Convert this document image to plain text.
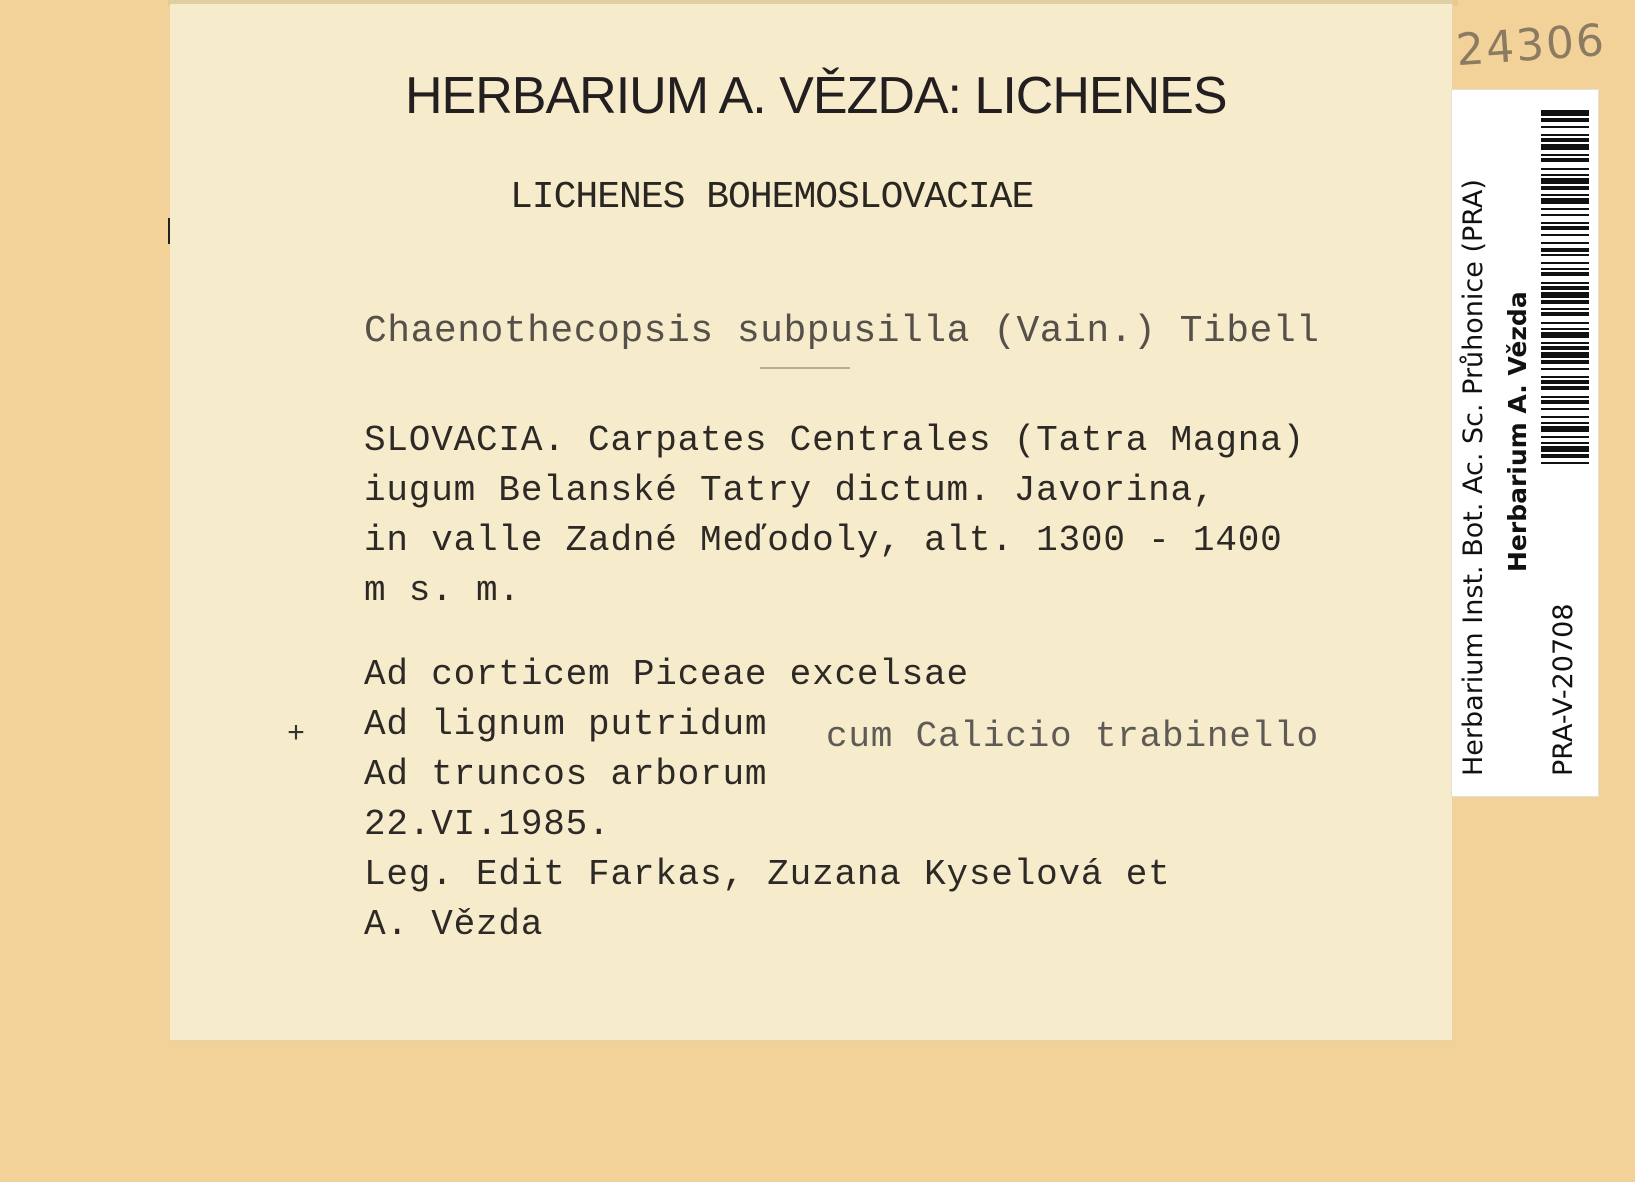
HERBARIUM A. VĚZDA: LICHENES
LICHENES BOHEMOSLOVACIAE
Chaenothecopsis subpusilla (Vain.) Tibell
SLOVACIA. Carpates Centrales (Tatra Magna)
iugum Belanské Tatry dictum. Javorina,
in valle Zadné Meďodoly, alt. 1300 - 1400
m s. m.
Ad corticem Piceae excelsae
+ Ad lignum putridum cum Calicio trabinello
Ad truncos arborum
22.VI.1985.
Leg. Edit Farkas, Zuzana Kyselová et
A. Vězda
24306
Herbarium Inst. Bot. Ac. Sc. Průhonice (PRA) Herbarium A. Vězda
PRA-V-20708
